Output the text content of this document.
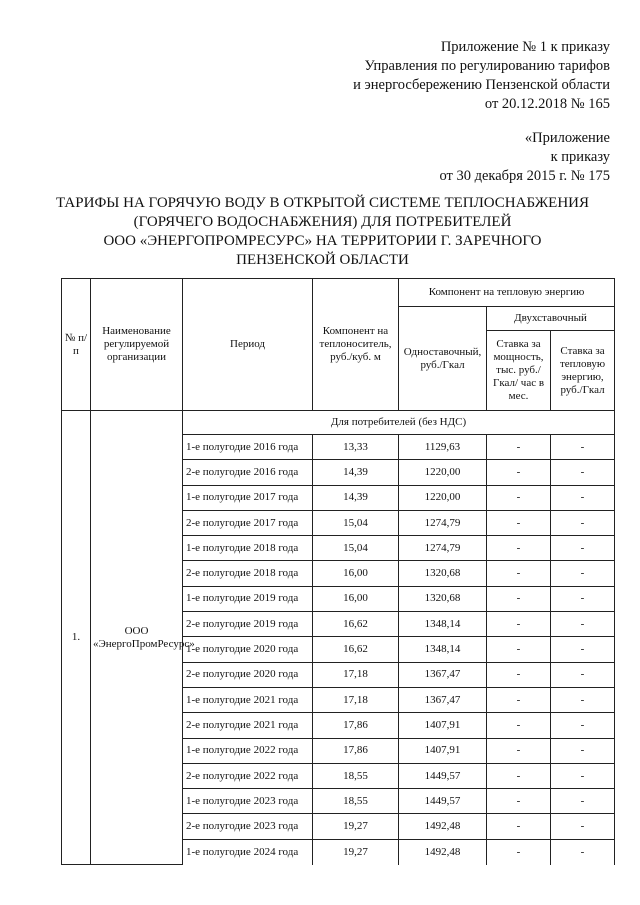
Приложение № 1 к приказу
Управления по регулированию тарифов
и энергосбережению Пензенской области
от 20.12.2018 № 165
«Приложение
к приказу
от 30 декабря 2015 г. № 175
ТАРИФЫ НА ГОРЯЧУЮ ВОДУ В ОТКРЫТОЙ СИСТЕМЕ ТЕПЛОСНАБЖЕНИЯ
(ГОРЯЧЕГО ВОДОСНАБЖЕНИЯ) ДЛЯ ПОТРЕБИТЕЛЕЙ
ООО «ЭНЕРГОПРОМРЕСУРС» НА ТЕРРИТОРИИ Г. ЗАРЕЧНОГО
ПЕНЗЕНСКОЙ ОБЛАСТИ
№ п/п	Наименование регулируемой организации	Период	Компонент на теплоноситель, руб./куб. м	Компонент на тепловую энергию		
				Одноставочный, руб./Гкал	Двухставочный	
					Ставка за мощность, тыс. руб./Гкал/ час в мес.	Ставка за тепловую энергию, руб./Гкал
1.	ООО «ЭнергоПромРесурс»	Для потребителей (без НДС)				
		1-е полугодие 2016 года	13,33	1129,63	-	-
		2-е полугодие 2016 года	14,39	1220,00	-	-
		1-е полугодие 2017 года	14,39	1220,00	-	-
		2-е полугодие 2017 года	15,04	1274,79	-	-
		1-е полугодие 2018 года	15,04	1274,79	-	-
		2-е полугодие 2018 года	16,00	1320,68	-	-
		1-е полугодие 2019 года	16,00	1320,68	-	-
		2-е полугодие 2019 года	16,62	1348,14	-	-
		1-е полугодие 2020 года	16,62	1348,14	-	-
		2-е полугодие 2020 года	17,18	1367,47	-	-
		1-е полугодие 2021 года	17,18	1367,47	-	-
		2-е полугодие 2021 года	17,86	1407,91	-	-
		1-е полугодие 2022 года	17,86	1407,91	-	-
		2-е полугодие 2022 года	18,55	1449,57	-	-
		1-е полугодие 2023 года	18,55	1449,57	-	-
		2-е полугодие 2023 года	19,27	1492,48	-	-
		1-е полугодие 2024 года	19,27	1492,48	-	-
